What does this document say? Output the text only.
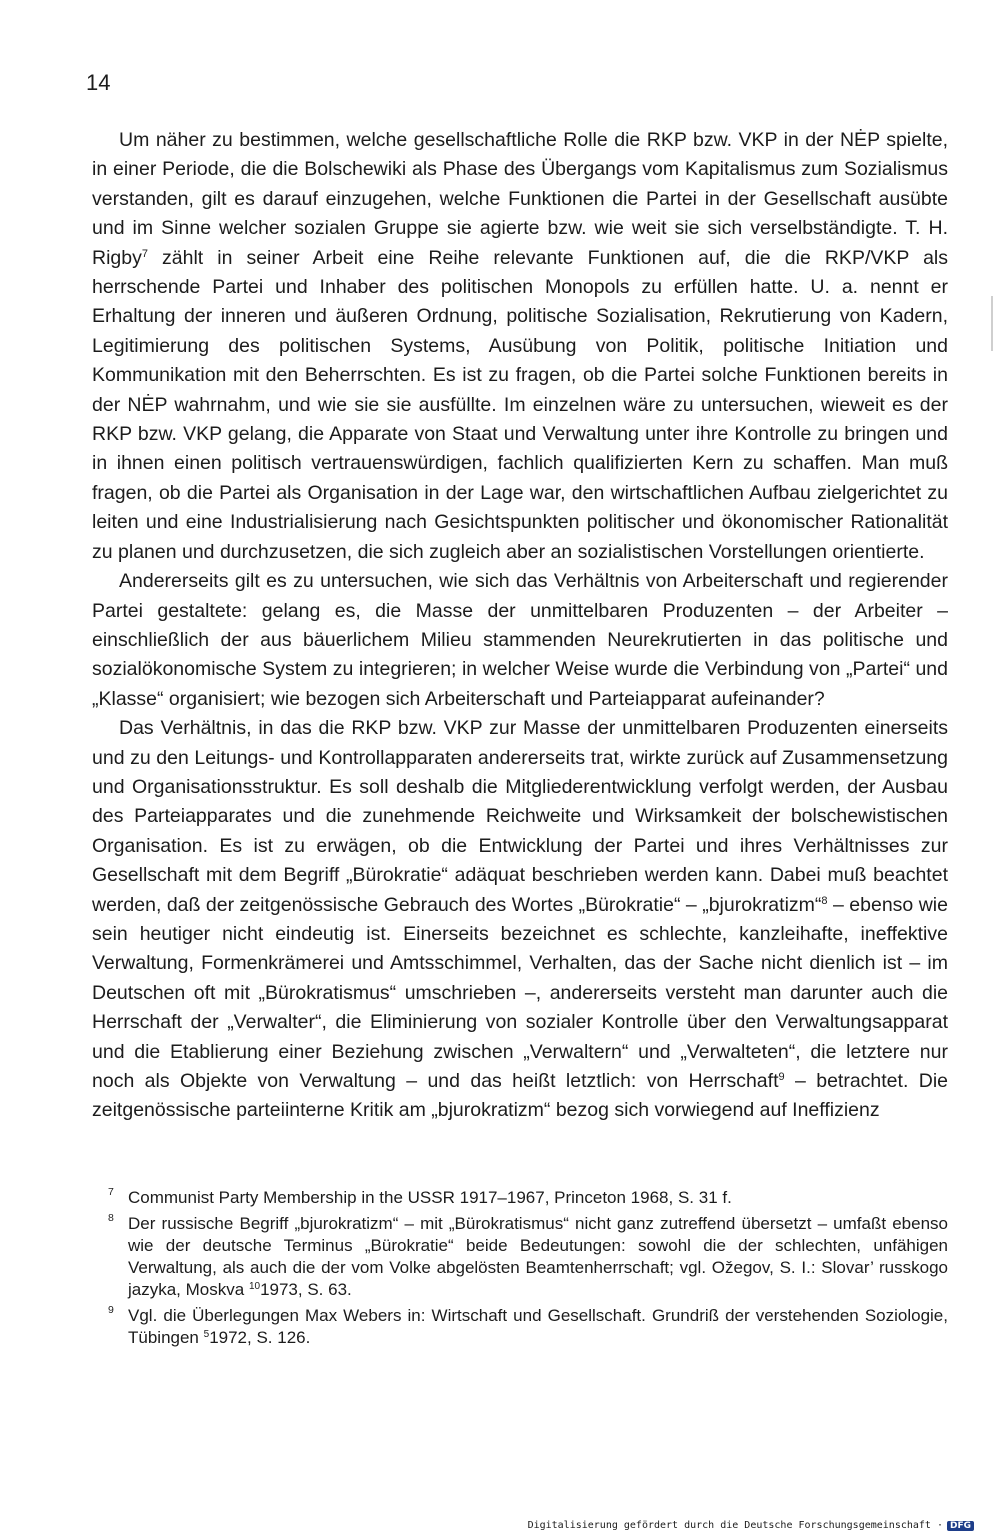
14

Um näher zu bestimmen, welche gesellschaftliche Rolle die RKP bzw. VKP in der NĖP spielte, in einer Periode, die die Bolschewiki als Phase des Übergangs vom Kapitalismus zum Sozialismus verstanden, gilt es darauf einzugehen, welche Funktionen die Partei in der Gesellschaft ausübte und im Sinne welcher sozialen Gruppe sie agierte bzw. wie weit sie sich verselbständigte. T. H. Rigby$^7$ zählt in seiner Arbeit eine Reihe relevante Funktionen auf, die die RKP/VKP als herrschende Partei und Inhaber des politischen Monopols zu erfüllen hatte. U. a. nennt er Erhaltung der inneren und äußeren Ordnung, politische Sozialisation, Rekrutierung von Kadern, Legitimierung des politischen Systems, Ausübung von Politik, politische Initiation und Kommunikation mit den Beherrschten. Es ist zu fragen, ob die Partei solche Funktionen bereits in der NĖP wahrnahm, und wie sie sie ausfüllte. Im einzelnen wäre zu untersuchen, wieweit es der RKP bzw. VKP gelang, die Apparate von Staat und Verwaltung unter ihre Kontrolle zu bringen und in ihnen einen politisch vertrauenswürdigen, fachlich qualifizierten Kern zu schaffen. Man muß fragen, ob die Partei als Organisation in der Lage war, den wirtschaftlichen Aufbau zielgerichtet zu leiten und eine Industrialisierung nach Gesichtspunkten politischer und ökonomischer Rationalität zu planen und durchzusetzen, die sich zugleich aber an sozialistischen Vorstellungen orientierte.

Andererseits gilt es zu untersuchen, wie sich das Verhältnis von Arbeiterschaft und regierender Partei gestaltete: gelang es, die Masse der unmittelbaren Produzenten – der Arbeiter – einschließlich der aus bäuerlichem Milieu stammenden Neurekrutierten in das politische und sozialökonomische System zu integrieren; in welcher Weise wurde die Verbindung von „Partei“ und „Klasse“ organisiert; wie bezogen sich Arbeiterschaft und Parteiapparat aufeinander?

Das Verhältnis, in das die RKP bzw. VKP zur Masse der unmittelbaren Produzenten einerseits und zu den Leitungs- und Kontrollapparaten andererseits trat, wirkte zurück auf Zusammensetzung und Organisationsstruktur. Es soll deshalb die Mitgliederentwicklung verfolgt werden, der Ausbau des Parteiapparates und die zunehmende Reichweite und Wirksamkeit der bolschewistischen Organisation. Es ist zu erwägen, ob die Entwicklung der Partei und ihres Verhältnisses zur Gesellschaft mit dem Begriff „Bürokratie“ adäquat beschrieben werden kann. Dabei muß beachtet werden, daß der zeitgenössische Gebrauch des Wortes „Bürokratie“ – „bjurokratizm“$^8$ – ebenso wie sein heutiger nicht eindeutig ist. Einerseits bezeichnet es schlechte, kanzleihafte, ineffektive Verwaltung, Formenkrämerei und Amtsschimmel, Verhalten, das der Sache nicht dienlich ist – im Deutschen oft mit „Bürokratismus“ umschrieben –, andererseits versteht man darunter auch die Herrschaft der „Verwalter“, die Eliminierung von sozialer Kontrolle über den Verwaltungsapparat und die Etablierung einer Beziehung zwischen „Verwaltern“ und „Verwalteten“, die letztere nur noch als Objekte von Verwaltung – und das heißt letztlich: von Herrschaft$^9$ – betrachtet. Die zeitgenössische parteiinterne Kritik am „bjurokratizm“ bezog sich vorwiegend auf Ineffizienz

7 Communist Party Membership in the USSR 1917–1967, Princeton 1968, S. 31 f.
8 Der russische Begriff „bjurokratizm“ – mit „Bürokratismus“ nicht ganz zutreffend übersetzt – umfaßt ebenso wie der deutsche Terminus „Bürokratie“ beide Bedeutungen: sowohl die der schlechten, unfähigen Verwaltung, als auch die der vom Volke abgelösten Beamtenherrschaft; vgl. Ožegov, S. I.: Slovar’ russkogo jazyka, Moskva $^{10}$1973, S. 63.
9 Vgl. die Überlegungen Max Webers in: Wirtschaft und Gesellschaft. Grundriß der verstehenden Soziologie, Tübingen $^5$1972, S. 126.
Digitalisierung gefördert durch die Deutsche Forschungsgemeinschaft · DFG
